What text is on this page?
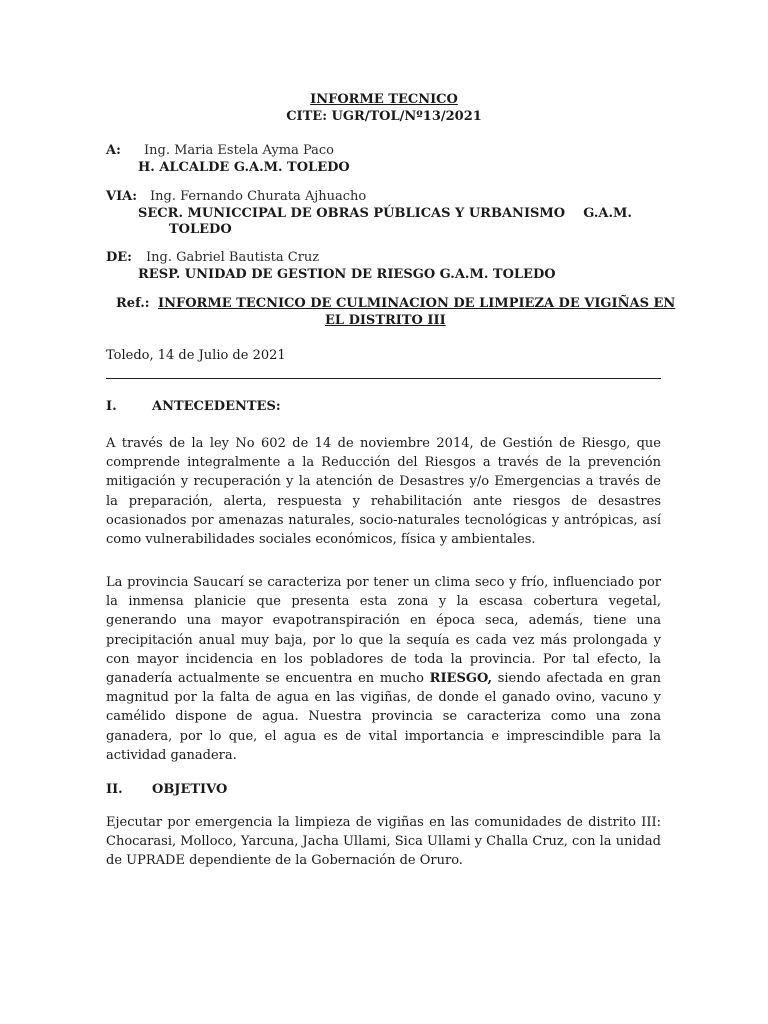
INFORME TECNICO
CITE: UGR/TOL/Nº13/2021
A: Ing. Maria Estela Ayma Paco
H. ALCALDE G.A.M. TOLEDO
VIA: Ing. Fernando Churata Ajhuacho
SECR. MUNICCIPAL DE OBRAS PÚBLICAS Y URBANISMO    G.A.M.
TOLEDO
DE: Ing. Gabriel Bautista Cruz
RESP. UNIDAD DE GESTION DE RIESGO G.A.M. TOLEDO
Ref.: INFORME TECNICO DE CULMINACION DE LIMPIEZA DE VIGIÑAS EN
EL DISTRITO III
Toledo, 14 de Julio de 2021
I.	ANTECEDENTES:
A través de la ley No 602 de 14 de noviembre 2014, de Gestión de Riesgo, que comprende integralmente a la Reducción del Riesgos a través de la prevención mitigación y recuperación y la atención de Desastres y/o Emergencias a través de la preparación, alerta, respuesta y rehabilitación ante riesgos de desastres ocasionados por amenazas naturales, socio-naturales tecnológicas y antrópicas, así como vulnerabilidades sociales económicos, física y ambientales.
La provincia Saucarí se caracteriza por tener un clima seco y frío, influenciado por la inmensa planicie que presenta esta zona y la escasa cobertura vegetal, generando una mayor evapotranspiración en época seca, además, tiene una precipitación anual muy baja, por lo que la sequía es cada vez más prolongada y con mayor incidencia en los pobladores de toda la provincia. Por tal efecto, la ganadería actualmente se encuentra en mucho RIESGO, siendo afectada en gran magnitud por la falta de agua en las vigiñas, de donde el ganado ovino, vacuno y camélido dispone de agua. Nuestra provincia se caracteriza como una zona ganadera, por lo que, el agua es de vital importancia e imprescindible para la actividad ganadera.
II. OBJETIVO
Ejecutar por emergencia la limpieza de vigiñas en las comunidades de distrito III: Chocarasi, Molloco, Yarcuna, Jacha Ullami, Sica Ullami y Challa Cruz, con la unidad de UPRADE dependiente de la Gobernación de Oruro.
